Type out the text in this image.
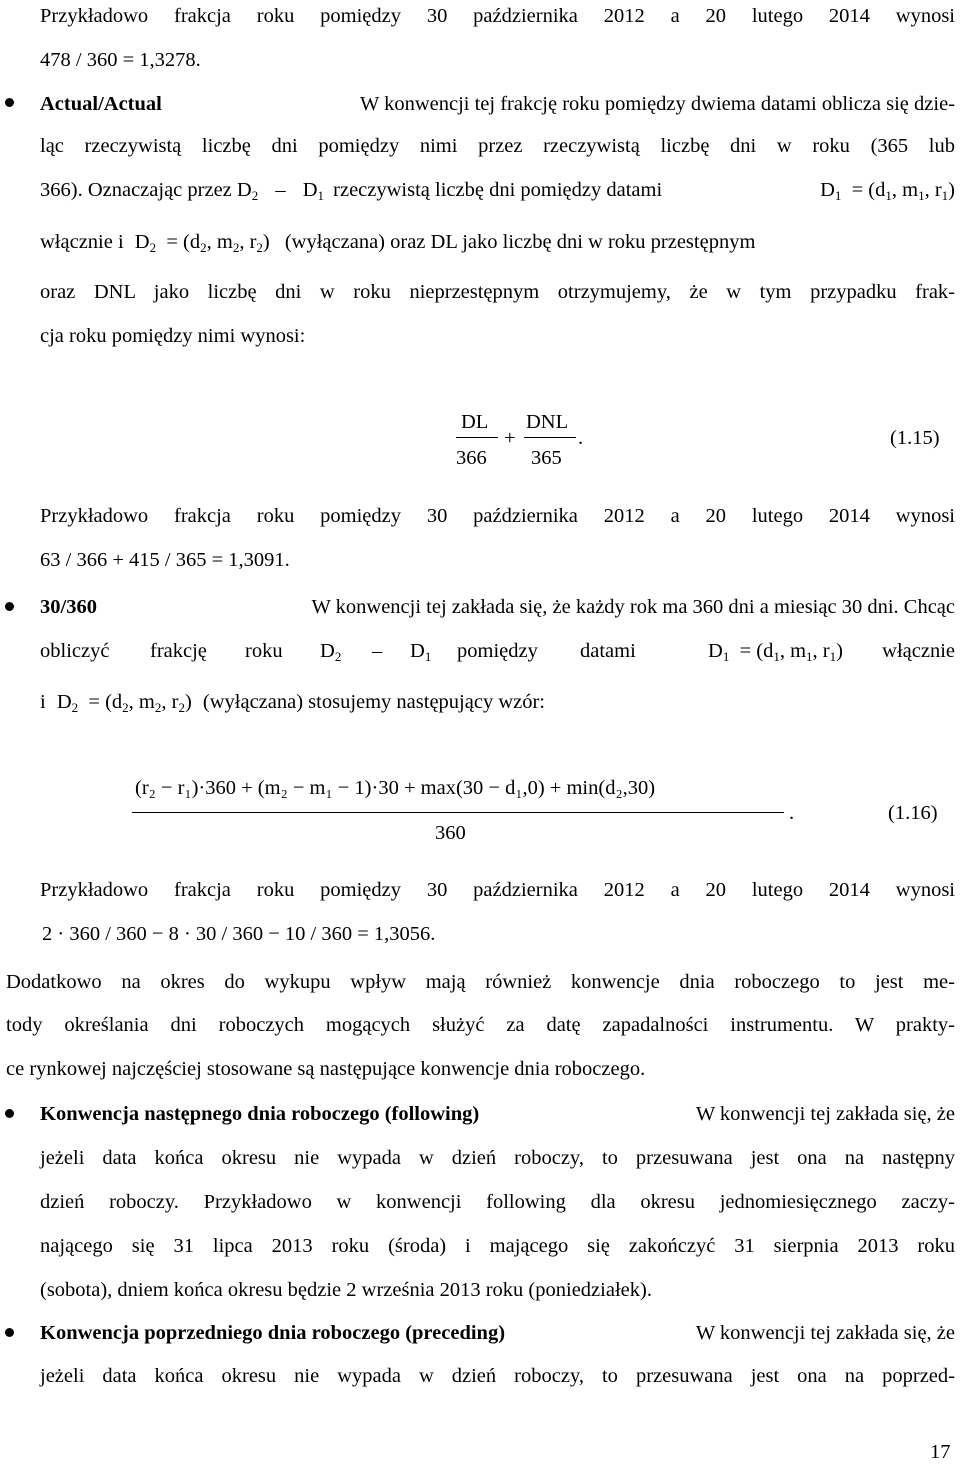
Przykładowo frakcja roku pomiędzy 30 października 2012 a 20 lutego 2014 wynosi
478 / 360 = 1,3278.
Actual/Actual	W konwencji tej frakcję roku pomiędzy dwiema datami oblicza się dzie-
ląc rzeczywistą liczbę dni pomiędzy nimi przez rzeczywistą liczbę dni w roku (365 lub
366). Oznaczając przez $D_2 - D_1$ rzeczywistą liczbę dni pomiędzy datami	$D_1 = (d_1$, $m_1$, $r_1$)
włącznie i $D_2 = (d_2$, $m_2$, $r_2$) (wyłączana) oraz DL jako liczbę dni w roku przestępnym
oraz DNL jako liczbę dni w roku nieprzestępnym otrzymujemy, że w tym przypadku frak-
cja roku pomiędzy nimi wynosi:
DL
366
+
DNL
365
.	(1.15)
Przykładowo frakcja roku pomiędzy 30 października 2012 a 20 lutego 2014 wynosi
63 / 366 + 415 / 365 = 1,3091.
30/360	W konwencji tej zakłada się, że każdy rok ma 360 dni a miesiąc 30 dni. Chcąc
obliczyć frakcję roku $D_2 - D_1$ pomiędzy datami	$D_1 = (d_1$, $m_1$, $r_1$) włącznie
i $D_2 = (d_2$, $m_2$, $r_2$) (wyłączana) stosujemy następujący wzór:
(r₂ − r₁)·360 + (m₂ − m₁ − 1)·30 + max(30 − d₁,0) + min(d₂,30)
360
.	(1.16)
Przykładowo frakcja roku pomiędzy 30 października 2012 a 20 lutego 2014 wynosi
2 · 360 / 360 − 8 · 30 / 360 − 10 / 360 = 1,3056.
Dodatkowo na okres do wykupu wpływ mają również konwencje dnia roboczego to jest me-
tody określania dni roboczych mogących służyć za datę zapadalności instrumentu. W prakty-
ce rynkowej najczęściej stosowane są następujące konwencje dnia roboczego.
Konwencja następnego dnia roboczego (following)	W konwencji tej zakłada się, że
jeżeli data końca okresu nie wypada w dzień roboczy, to przesuwana jest ona na następny
dzień roboczy. Przykładowo w konwencji following dla okresu jednomiesięcznego zaczy-
nającego się 31 lipca 2013 roku (środa) i mającego się zakończyć 31 sierpnia 2013 roku
(sobota), dniem końca okresu będzie 2 września 2013 roku (poniedziałek).
Konwencja poprzedniego dnia roboczego (preceding)	W konwencji tej zakłada się, że
jeżeli data końca okresu nie wypada w dzień roboczy, to przesuwana jest ona na poprzed-
17
